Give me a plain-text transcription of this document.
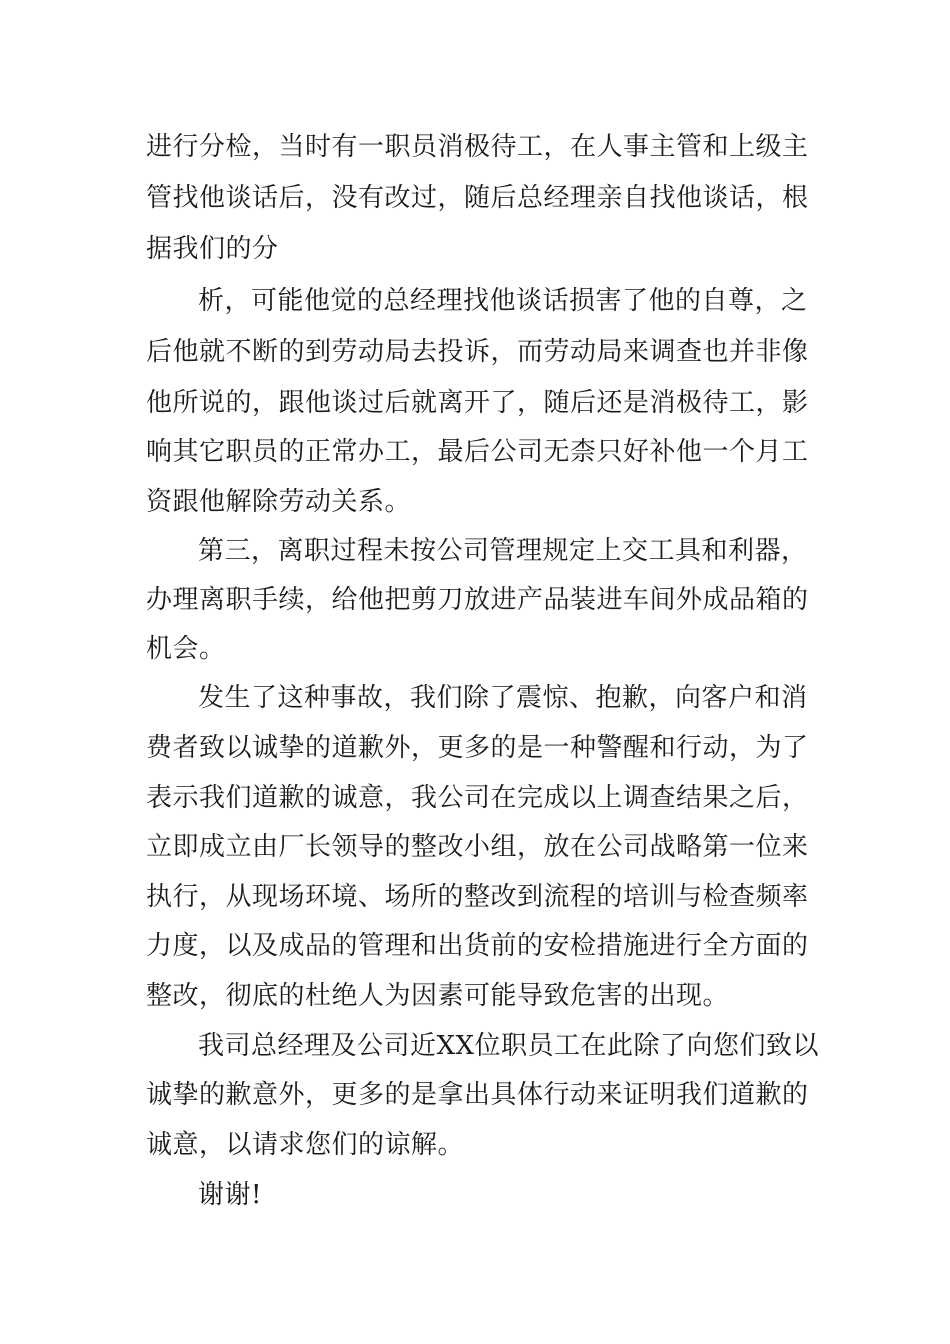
进行分检，当时有一职员消极待工，在人事主管和上级主

管找他谈话后，没有改过，随后总经理亲自找他谈话，根

据我们的分

析，可能他觉的总经理找他谈话损害了他的自尊，之

后他就不断的到劳动局去投诉，而劳动局来调查也并非像

他所说的，跟他谈过后就离开了，随后还是消极待工，影

响其它职员的正常办工，最后公司无柰只好补他一个月工

资跟他解除劳动关系。

第三，离职过程未按公司管理规定上交工具和利器，

办理离职手续，给他把剪刀放进产品装进车间外成品箱的

机会。

发生了这种事故，我们除了震惊、抱歉，向客户和消

费者致以诚挚的道歉外，更多的是一种警醒和行动，为了

表示我们道歉的诚意，我公司在完成以上调查结果之后，

立即成立由厂长领导的整改小组，放在公司战略第一位来

执行，从现场环境、场所的整改到流程的培训与检查频率

力度，以及成品的管理和出货前的安检措施进行全方面的

整改，彻底的杜绝人为因素可能导致危害的出现。

我司总经理及公司近XX位职员工在此除了向您们致以

诚挚的歉意外，更多的是拿出具体行动来证明我们道歉的

诚意，以请求您们的谅解。

谢谢!
